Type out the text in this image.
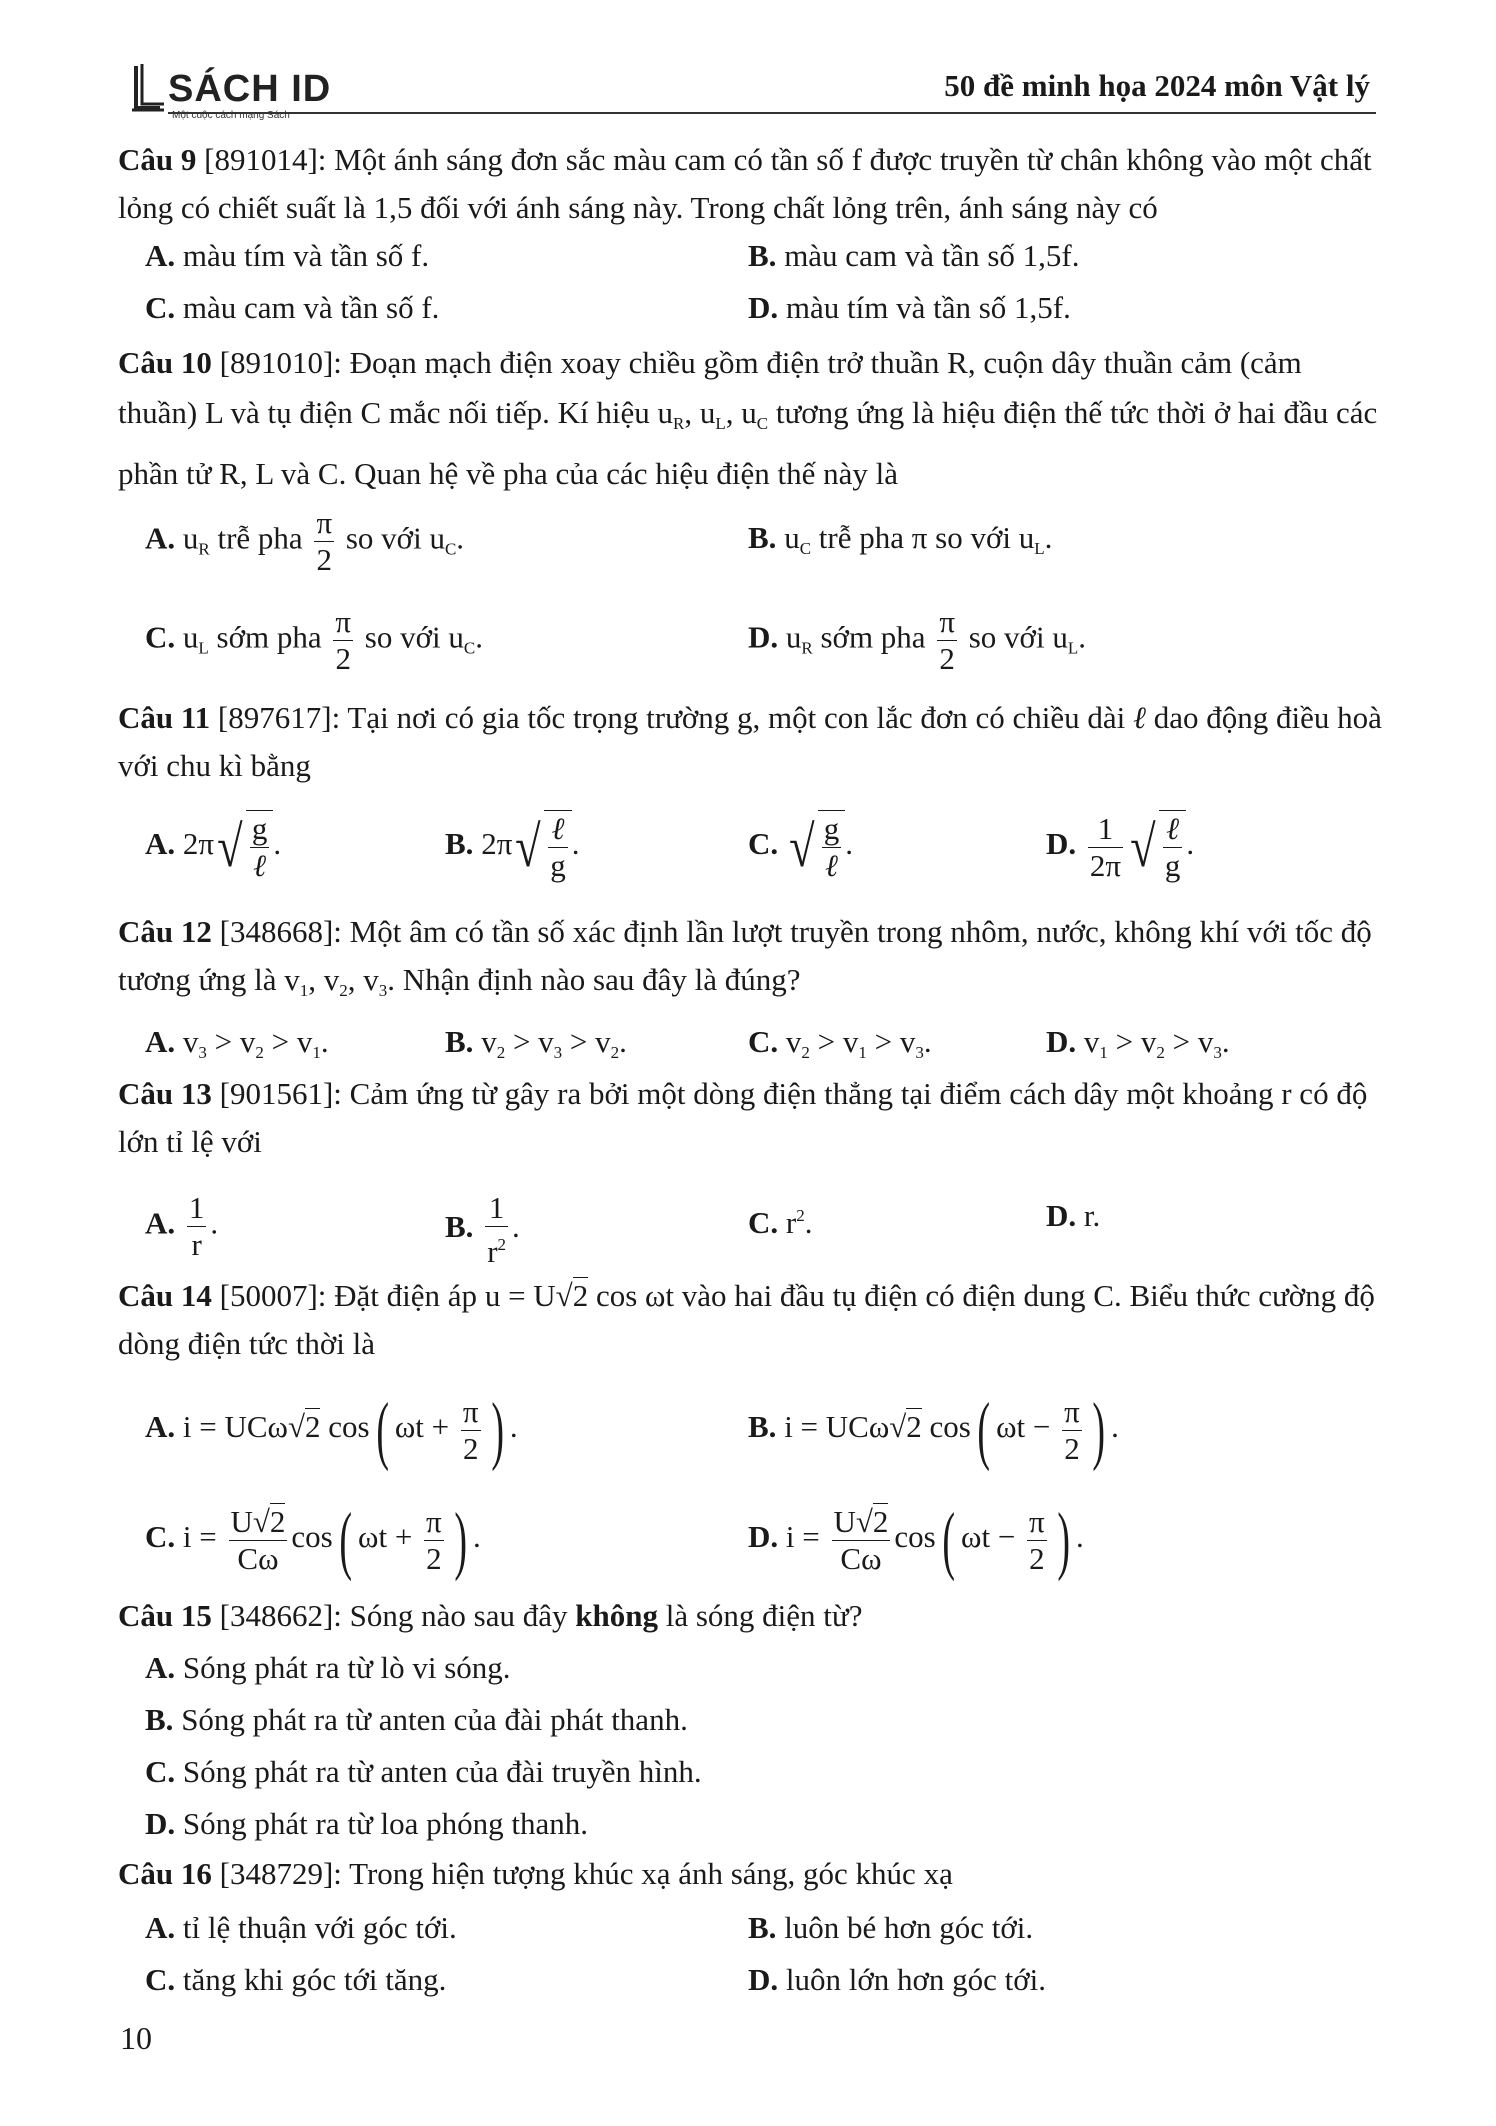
SÁCH ID
Một cuộc cách mạng Sách
50 đề minh họa 2024 môn Vật lý
Câu 9 [891014]: Một ánh sáng đơn sắc màu cam có tần số f được truyền từ chân không vào một chất lỏng có chiết suất là 1,5 đối với ánh sáng này. Trong chất lỏng trên, ánh sáng này có
A. màu tím và tần số f.	B. màu cam và tần số 1,5f.
C. màu cam và tần số f.	D. màu tím và tần số 1,5f.
Câu 10 [891010]: Đoạn mạch điện xoay chiều gồm điện trở thuần R, cuộn dây thuần cảm (cảm thuần) L và tụ điện C mắc nối tiếp. Kí hiệu $u_R$, $u_L$, $u_C$ tương ứng là hiệu điện thế tức thời ở hai đầu các phần tử R, L và C. Quan hệ về pha của các hiệu điện thế này là
A. $u_R$ trễ pha $\frac{\pi}{2}$ so với $u_C$.	B. $u_C$ trễ pha π so với $u_L$.
C. $u_L$ sớm pha $\frac{\pi}{2}$ so với $u_C$.	D. $u_R$ sớm pha $\frac{\pi}{2}$ so với $u_L$.
Câu 11 [897617]: Tại nơi có gia tốc trọng trường g, một con lắc đơn có chiều dài ℓ dao động điều hoà với chu kì bằng
A. $2\pi√ \frac{g}{\text{ℓ}}$ .	B. $2\pi√ \frac{\text{ℓ}}{g}$ .	C. √ $\frac{g}{\text{ℓ}}$ .	D. $\frac{1}{2\pi}$ √ $\frac{\text{ℓ}}{g}$ .
Câu 12 [348668]: Một âm có tần số xác định lần lượt truyền trong nhôm, nước, không khí với tốc độ tương ứng là $v_1$, $v_2$, $v_3$. Nhận định nào sau đây là đúng?
A. $v_3 > v_2 > v_1$.	B. $v_2 > v_3 > v_2$.	C. $v_2 > v_1 > v_3$.	D. $v_1 > v_2 > v_3$.
Câu 13 [901561]: Cảm ứng từ gây ra bởi một dòng điện thẳng tại điểm cách dây một khoảng r có độ lớn tỉ lệ với
A. $\frac{1}{r}$ .	B. $\frac{1}{r^2}$ .	C. $r^2$.	D. r.
Câu 14 [50007]: Đặt điện áp u = U√2 cos ωt vào hai đầu tụ điện có điện dung C. Biểu thức cường độ dòng điện tức thời là
A. i = UCω√2 cos( $\omega t + \frac{\pi}{2}$ ) .	B. i = UCω√2 cos( $\omega t - \frac{\pi}{2}$ ) .
C. $i = \frac{U√2}{C\omega} \cos$( $\omega t + \frac{\pi}{2}$ ) .	D. $i = \frac{U√2}{C\omega} \cos$( $\omega t - \frac{\pi}{2}$ ) .
Câu 15 [348662]: Sóng nào sau đây không là sóng điện từ?
A. Sóng phát ra từ lò vi sóng.
B. Sóng phát ra từ anten của đài phát thanh.
C. Sóng phát ra từ anten của đài truyền hình.
D. Sóng phát ra từ loa phóng thanh.
Câu 16 [348729]: Trong hiện tượng khúc xạ ánh sáng, góc khúc xạ
A. tỉ lệ thuận với góc tới.	B. luôn bé hơn góc tới.
C. tăng khi góc tới tăng.	D. luôn lớn hơn góc tới.
10
